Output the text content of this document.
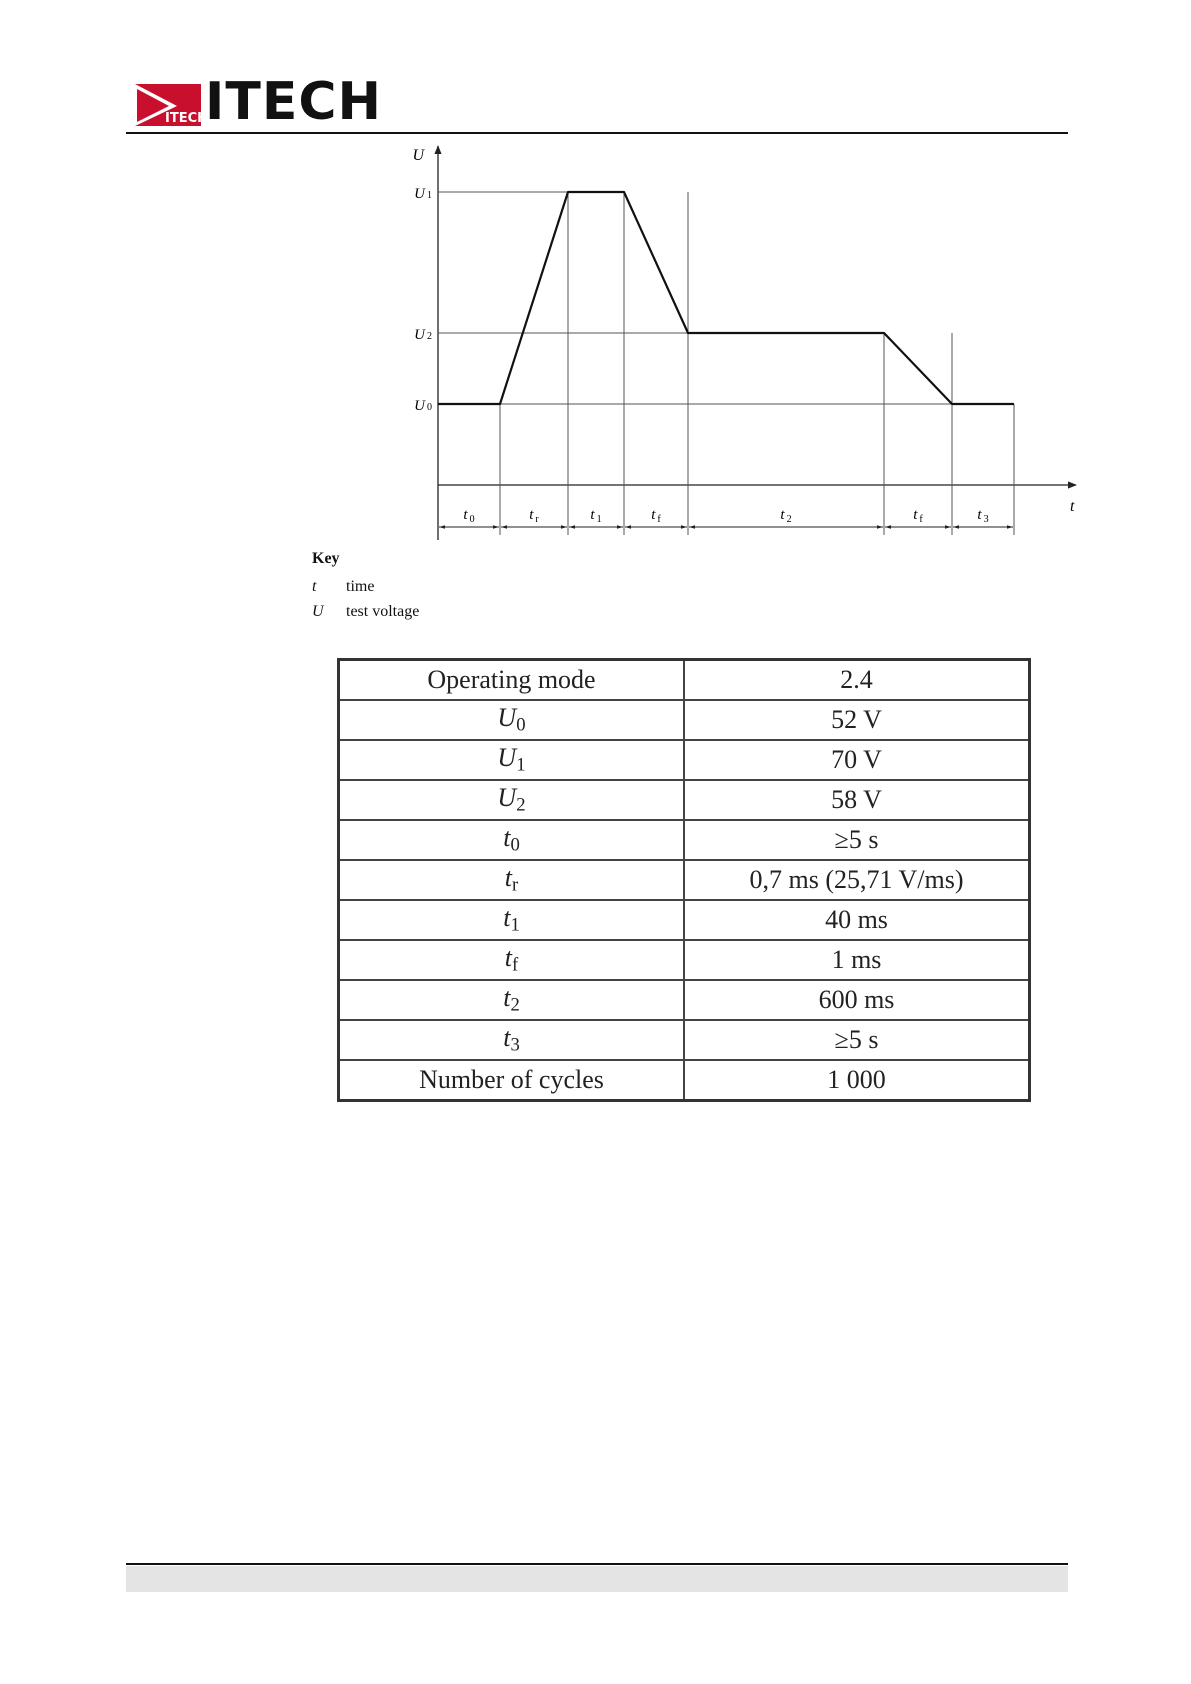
ITECH
ITECH
U
t
U 1
U 2
U 0
t $_0$	t $_r$	t $_1$	t $_f$	t $_2$	t $_f$	t $_3$
Key
t	time
U	test voltage
Operating mode	2.4
$U_0$	52 V
$U_1$	70 V
$U_2$	58 V
$t_0$	≥5 s
$t_r$	0,7 ms (25,71 V/ms)
$t_1$	40 ms
$t_f$	1 ms
$t_2$	600 ms
$t_3$	≥5 s
Number of cycles	1 000
